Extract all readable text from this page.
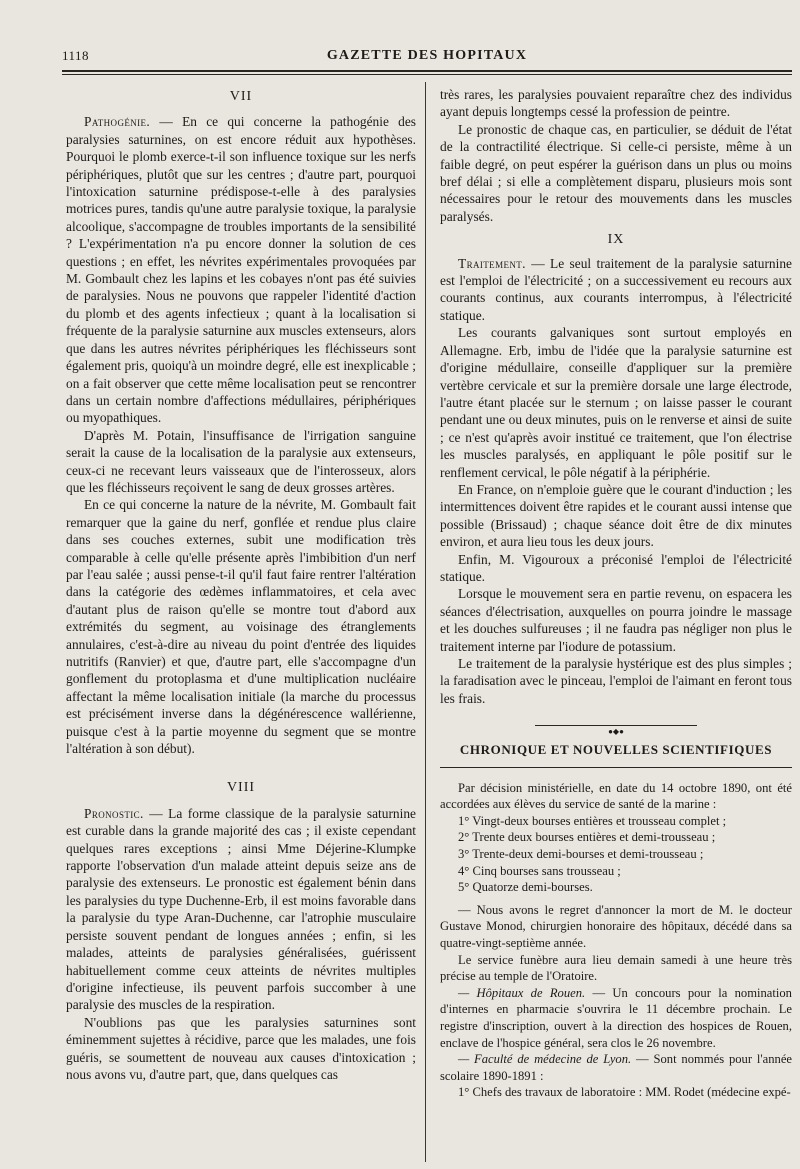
1118	GAZETTE DES HOPITAUX
VII

Pathogénie. — En ce qui concerne la pathogénie des paralysies saturnines, on est encore réduit aux hypothèses. Pourquoi le plomb exerce-t-il son influence toxique sur les nerfs périphériques, plutôt que sur les centres ; d'autre part, pourquoi l'intoxication saturnine prédispose-t-elle à des paralysies motrices pures, tandis qu'une autre paralysie toxique, la paralysie alcoolique, s'accompagne de troubles importants de la sensibilité ? L'expérimentation n'a pu encore donner la solution de ces questions ; en effet, les névrites expérimentales provoquées par M. Gombault chez les lapins et les cobayes n'ont pas été suivies de paralysies. Nous ne pouvons que rappeler l'identité d'action du plomb et des agents infectieux ; quant à la localisation si fréquente de la paralysie saturnine aux muscles extenseurs, alors que dans les autres névrites périphériques les fléchisseurs sont également pris, quoiqu'à un moindre degré, elle est inexplicable ; on a fait observer que cette même localisation peut se rencontrer dans un certain nombre d'affections médullaires, périphériques ou myopathiques.

D'après M. Potain, l'insuffisance de l'irrigation sanguine serait la cause de la localisation de la paralysie aux extenseurs, ceux-ci ne recevant leurs vaisseaux que de l'interosseux, alors que les fléchisseurs reçoivent le sang de deux grosses artères.

En ce qui concerne la nature de la névrite, M. Gombault fait remarquer que la gaine du nerf, gonflée et rendue plus claire dans ses couches externes, subit une modification très comparable à celle qu'elle présente après l'imbibition d'un nerf par l'eau salée ; aussi pense-t-il qu'il faut faire rentrer l'altération dans la catégorie des œdèmes inflammatoires, et cela avec d'autant plus de raison qu'elle se montre tout d'abord aux extrémités du segment, au voisinage des étranglements annulaires, c'est-à-dire au niveau du point d'entrée des liquides nutritifs (Ranvier) et que, d'autre part, elle s'accompagne d'un gonflement du protoplasma et d'une multiplication nucléaire affectant la même localisation initiale (la marche du processus est précisément inverse dans la dégénérescence wallérienne, puisque c'est à la partie moyenne du segment que se montre l'altération à son début).

VIII

Pronostic. — La forme classique de la paralysie saturnine est curable dans la grande majorité des cas ; il existe cependant quelques rares exceptions ; ainsi Mme Déjerine-Klumpke rapporte l'observation d'un malade atteint depuis seize ans de paralysie des extenseurs. Le pronostic est également bénin dans les paralysies du type Duchenne-Erb, il est moins favorable dans la paralysie du type Aran-Duchenne, car l'atrophie musculaire persiste souvent pendant de longues années ; enfin, si les malades, atteints de paralysies généralisées, guérissent habituellement comme ceux atteints de névrites multiples d'origine infectieuse, ils peuvent parfois succomber à une paralysie des muscles de la respiration.

N'oublions pas que les paralysies saturnines sont éminemment sujettes à récidive, parce que les malades, une fois guéris, se soumettent de nouveau aux causes d'intoxication ; nous avons vu, d'autre part, que, dans quelques cas

très rares, les paralysies pouvaient reparaître chez des individus ayant depuis longtemps cessé la profession de peintre.

Le pronostic de chaque cas, en particulier, se déduit de l'état de la contractilité électrique. Si celle-ci persiste, même à un faible degré, on peut espérer la guérison dans un plus ou moins bref délai ; si elle a complètement disparu, plusieurs mois sont nécessaires pour le retour des mouvements dans les muscles paralysés.

IX

Traitement. — Le seul traitement de la paralysie saturnine est l'emploi de l'électricité ; on a successivement eu recours aux courants continus, aux courants interrompus, à l'électricité statique.

Les courants galvaniques sont surtout employés en Allemagne. Erb, imbu de l'idée que la paralysie saturnine est d'origine médullaire, conseille d'appliquer sur la première vertèbre cervicale et sur la première dorsale une large électrode, l'autre étant placée sur le sternum ; on laisse passer le courant pendant une ou deux minutes, puis on le renverse et ainsi de suite ; ce n'est qu'après avoir institué ce traitement, que l'on électrise les muscles paralysés, en appliquant le pôle positif sur le renflement cervical, le pôle négatif à la périphérie.

En France, on n'emploie guère que le courant d'induction ; les intermittences doivent être rapides et le courant aussi intense que possible (Brissaud) ; chaque séance doit être de dix minutes environ, et aura lieu tous les deux jours.

Enfin, M. Vigouroux a préconisé l'emploi de l'électricité statique.

Lorsque le mouvement sera en partie revenu, on espacera les séances d'électrisation, auxquelles on pourra joindre le massage et les douches sulfureuses ; il ne faudra pas négliger non plus le traitement interne par l'iodure de potassium.

Le traitement de la paralysie hystérique est des plus simples ; la faradisation avec le pinceau, l'emploi de l'aimant en feront tous les frais.

●◆●
CHRONIQUE ET NOUVELLES SCIENTIFIQUES

Par décision ministérielle, en date du 14 octobre 1890, ont été accordées aux élèves du service de santé de la marine :

1° Vingt-deux bourses entières et trousseau complet ;

2° Trente deux bourses entières et demi-trousseau ;

3° Trente-deux demi-bourses et demi-trousseau ;

4° Cinq bourses sans trousseau ;

5° Quatorze demi-bourses.

— Nous avons le regret d'annoncer la mort de M. le docteur Gustave Monod, chirurgien honoraire des hôpitaux, décédé dans sa quatre-vingt-septième année.

Le service funèbre aura lieu demain samedi à une heure très précise au temple de l'Oratoire.

— Hôpitaux de Rouen. — Un concours pour la nomination d'internes en pharmacie s'ouvrira le 11 décembre prochain. Le registre d'inscription, ouvert à la direction des hospices de Rouen, enclave de l'hospice général, sera clos le 26 novembre.

— Faculté de médecine de Lyon. — Sont nommés pour l'année scolaire 1890-1891 :

1° Chefs des travaux de laboratoire : MM. Rodet (médecine expé-
